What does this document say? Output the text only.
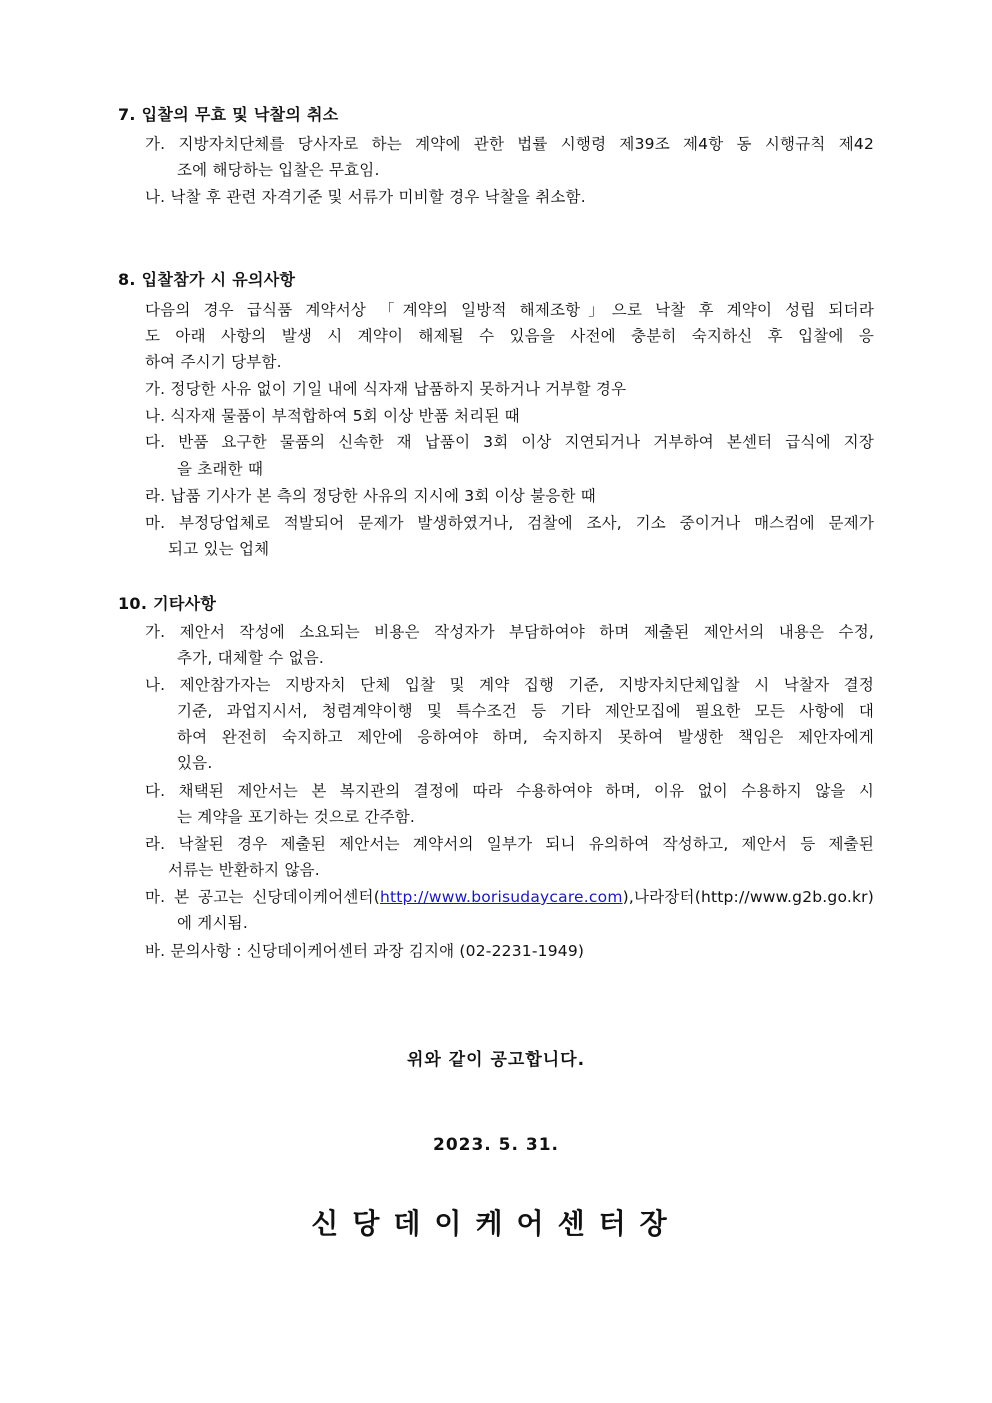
7. 입찰의 무효 및 낙찰의 취소
가. 지방자치단체를 당사자로 하는 계약에 관한 법률 시행령 제39조 제4항 동 시행규칙 제42
조에 해당하는 입찰은 무효임.
나. 낙찰 후 관련 자격기준 및 서류가 미비할 경우 낙찰을 취소함.
8. 입찰참가 시 유의사항
다음의 경우 급식품 계약서상 「계약의 일방적 해제조항」으로 낙찰 후 계약이 성립 되더라
도 아래 사항의 발생 시 계약이 해제될 수 있음을 사전에 충분히 숙지하신 후 입찰에 응
하여 주시기 당부함.
가. 정당한 사유 없이 기일 내에 식자재 납품하지 못하거나 거부할 경우
나. 식자재 물품이 부적합하여 5회 이상 반품 처리된 때
다. 반품 요구한 물품의 신속한 재 납품이 3회 이상 지연되거나 거부하여 본센터 급식에 지장
을 초래한 때
라. 납품 기사가 본 측의 정당한 사유의 지시에 3회 이상 불응한 때
마. 부정당업체로 적발되어 문제가 발생하였거나, 검찰에 조사, 기소 중이거나 매스컴에 문제가
되고 있는 업체
10. 기타사항
가. 제안서 작성에 소요되는 비용은 작성자가 부담하여야 하며 제출된 제안서의 내용은 수정,
추가, 대체할 수 없음.
나. 제안참가자는 지방자치 단체 입찰 및 계약 집행 기준, 지방자치단체입찰 시 낙찰자 결정
기준, 과업지시서, 청렴계약이행 및 특수조건 등 기타 제안모집에 필요한 모든 사항에 대
하여 완전히 숙지하고 제안에 응하여야 하며, 숙지하지 못하여 발생한 책임은 제안자에게
있음.
다. 채택된 제안서는 본 복지관의 결정에 따라 수용하여야 하며, 이유 없이 수용하지 않을 시
는 계약을 포기하는 것으로 간주함.
라. 낙찰된 경우 제출된 제안서는 계약서의 일부가 되니 유의하여 작성하고, 제안서 등 제출된
서류는 반환하지 않음.
마. 본 공고는 신당데이케어센터(http://www.borisudaycare.com),나라장터(http://www.g2b.go.kr)
에 게시됨.
바. 문의사항 : 신당데이케어센터 과장 김지애 (02-2231-1949)
위와 같이 공고합니다.
2023. 5. 31.
신당데이케어센터장
